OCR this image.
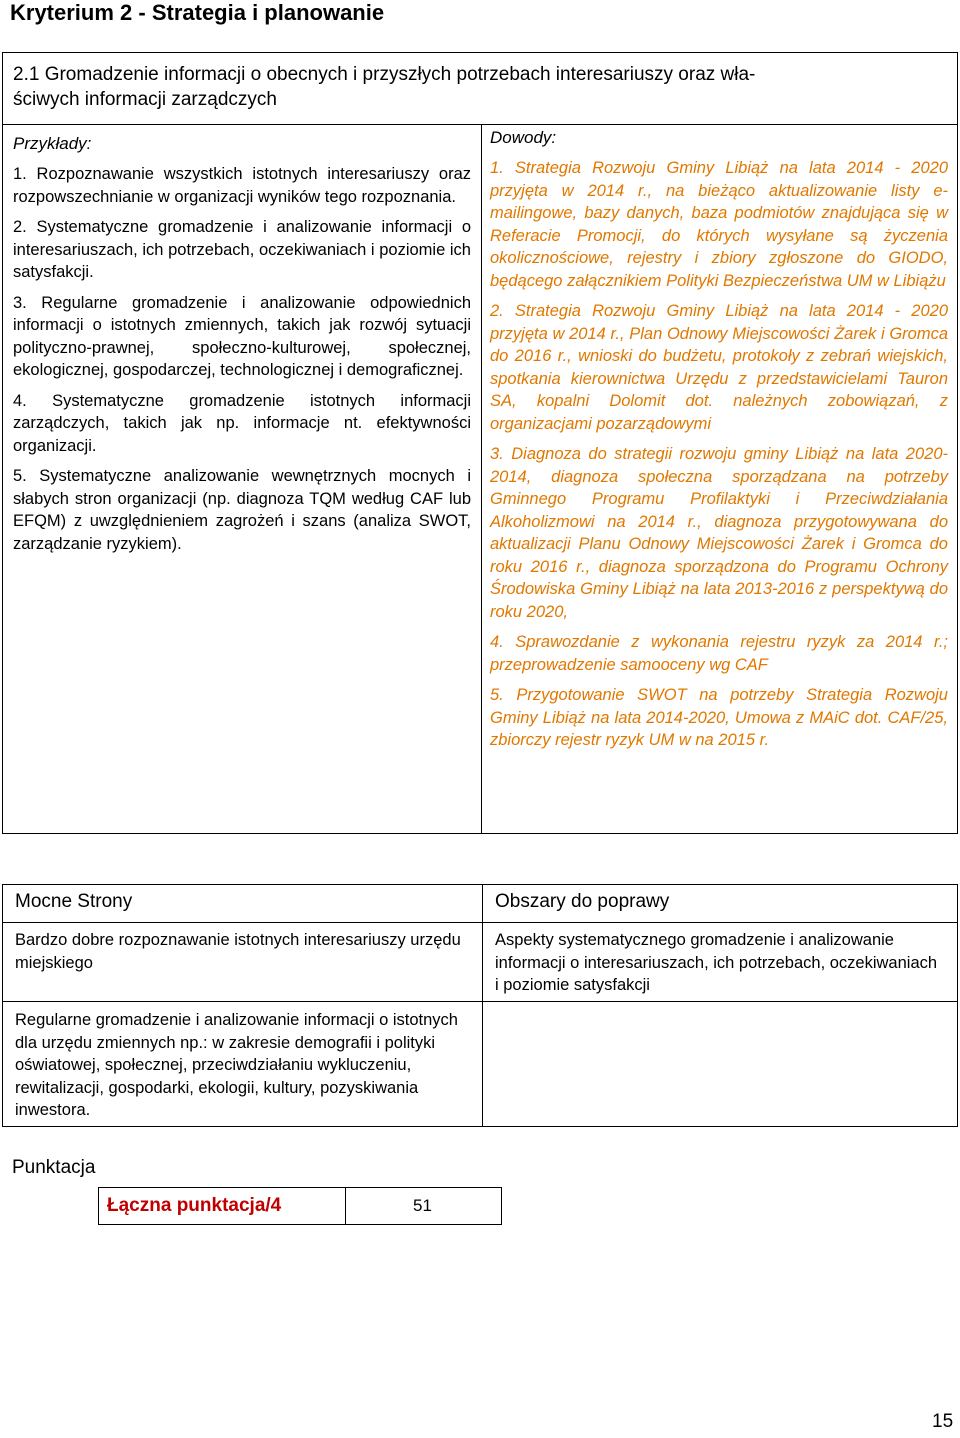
Kryterium 2 - Strategia i planowanie
2.1 Gromadzenie informacji o obecnych i przyszłych potrzebach interesariuszy oraz wła-
ściwych informacji zarządczych
Przykłady:

1. Rozpoznawanie wszystkich istotnych interesariuszy oraz rozpowszechnianie w organizacji wyników tego rozpoznania.

2. Systematyczne gromadzenie i analizowanie informacji o interesariuszach, ich potrzebach, oczekiwaniach i poziomie ich satysfakcji.

3. Regularne gromadzenie i analizowanie odpowiednich informacji o istotnych zmiennych, takich jak rozwój sytuacji polityczno-prawnej, społeczno-kulturowej, społecznej, ekologicznej, gospodarczej, technologicznej i demograficznej.

4. Systematyczne gromadzenie istotnych informacji zarządczych, takich jak np. informacje nt. efektywności organizacji.

5. Systematyczne analizowanie wewnętrznych mocnych i słabych stron organizacji (np. diagnoza TQM według CAF lub EFQM) z uwzględnieniem zagrożeń i szans (analiza SWOT, zarządzanie ryzykiem).

Dowody:

1. Strategia Rozwoju Gminy Libiąż na lata 2014 - 2020 przyjęta w 2014 r., na bieżąco aktualizowanie listy e-mailingowe, bazy danych, baza podmiotów znajdująca się w Referacie Promocji, do których wysyłane są życzenia okolicznościowe, rejestry i zbiory zgłoszone do GIODO, będącego załącznikiem Polityki Bezpieczeństwa UM w Libiążu

2. Strategia Rozwoju Gminy Libiąż na lata 2014 - 2020 przyjęta w 2014 r., Plan Odnowy Miejscowości Żarek i Gromca do 2016 r., wnioski do budżetu, protokoły z zebrań wiejskich, spotkania kierownictwa Urzędu z przedstawicielami Tauron SA, kopalni Dolomit dot. należnych zobowiązań, z organizacjami pozarządowymi

3. Diagnoza do strategii rozwoju gminy Libiąż na lata 2020-2014, diagnoza społeczna sporządzana na potrzeby Gminnego Programu Profilaktyki i Przeciwdziałania Alkoholizmowi na 2014 r., diagnoza przygotowywana do aktualizacji Planu Odnowy Miejscowości Żarek i Gromca do roku 2016 r., diagnoza sporządzona do Programu Ochrony Środowiska Gminy Libiąż na lata 2013-2016 z perspektywą do roku 2020,

4. Sprawozdanie z wykonania rejestru ryzyk za 2014 r.; przeprowadzenie samooceny wg CAF

5. Przygotowanie SWOT na potrzeby Strategia Rozwoju Gminy Libiąż na lata 2014-2020, Umowa z MAiC dot. CAF/25, zbiorczy rejestr ryzyk UM w na 2015 r.

Mocne Strony	Obszary do poprawy
Bardzo dobre rozpoznawanie istotnych interesariuszy urzędu miejskiego
Aspekty systematycznego gromadzenie i analizowanie informacji o interesariuszach, ich potrzebach, oczekiwaniach i poziomie satysfakcji
Regularne gromadzenie i analizowanie informacji o istotnych dla urzędu zmiennych np.: w zakresie demografii i polityki oświatowej, społecznej, przeciwdziałaniu wykluczeniu, rewitalizacji, gospodarki, ekologii, kultury, pozyskiwania inwestora.
Punktacja
Łączna punktacja/4	51
15
